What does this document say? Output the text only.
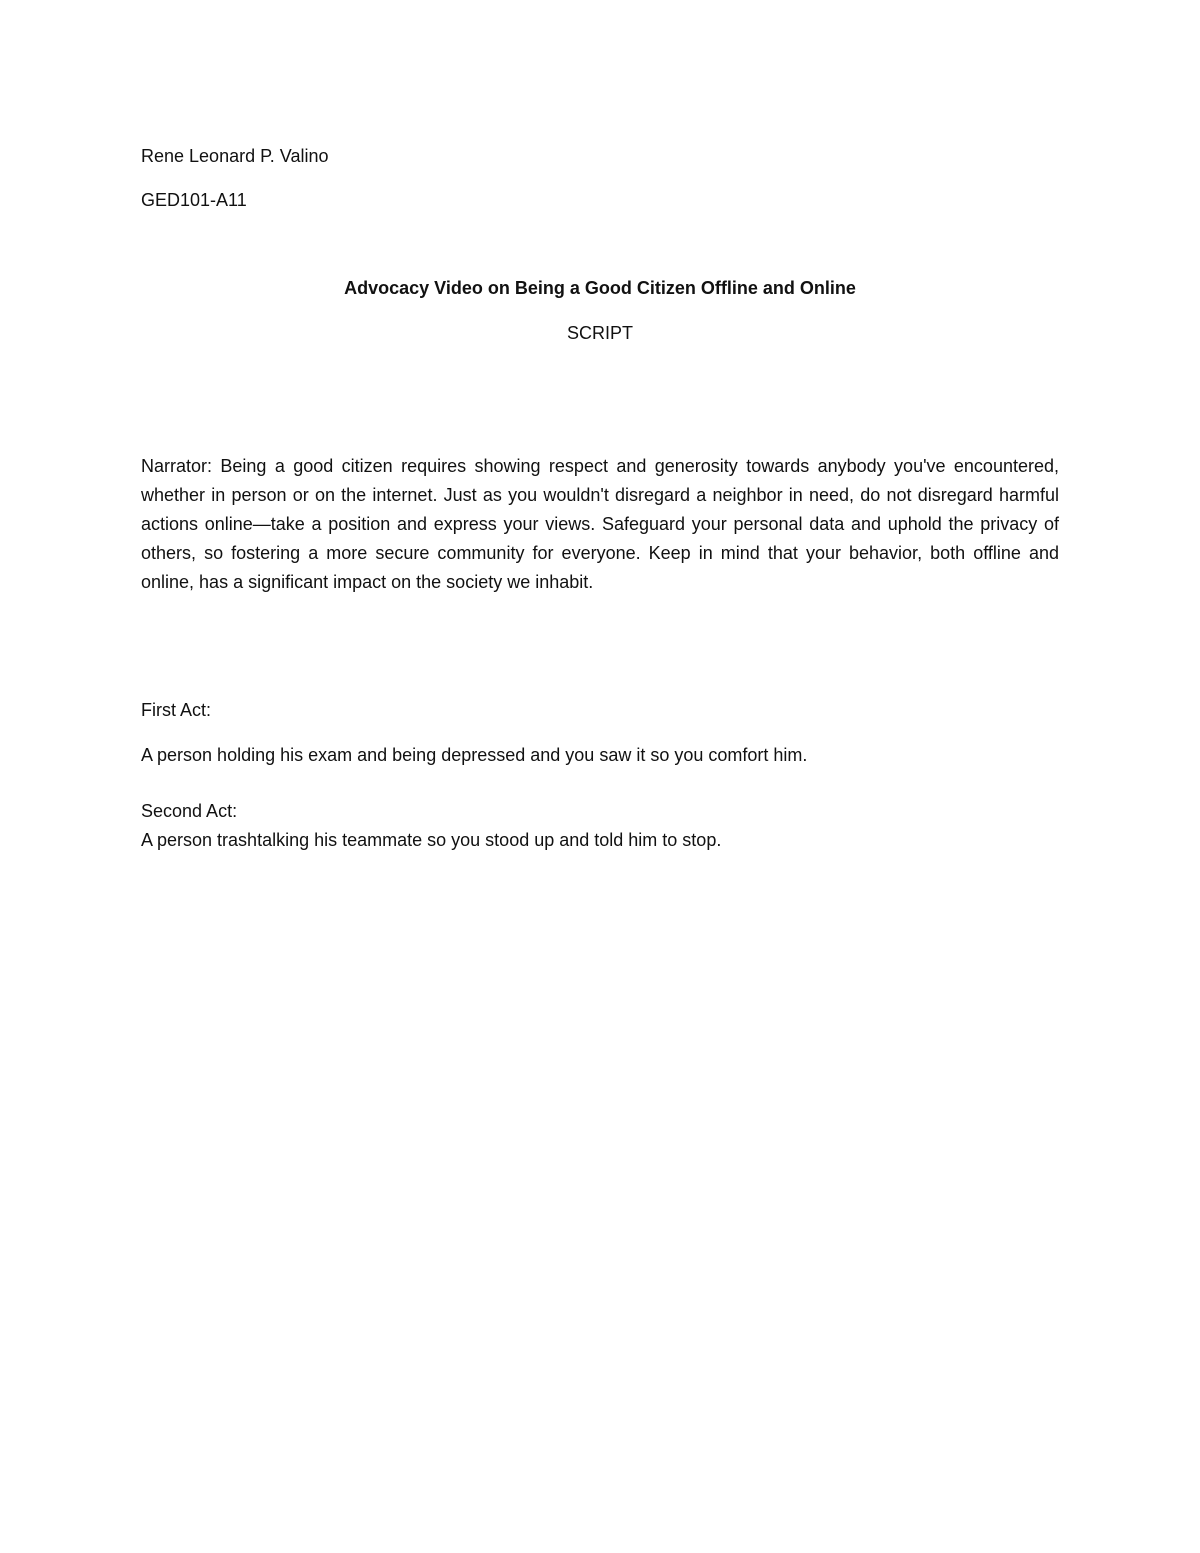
Rene Leonard P. Valino
GED101-A11
Advocacy Video on Being a Good Citizen Offline and Online
SCRIPT
Narrator: Being a good citizen requires showing respect and generosity towards anybody you've encountered, whether in person or on the internet. Just as you wouldn't disregard a neighbor in need, do not disregard harmful actions online—take a position and express your views. Safeguard your personal data and uphold the privacy of others, so fostering a more secure community for everyone. Keep in mind that your behavior, both offline and online, has a significant impact on the society we inhabit.
First Act:
A person holding his exam and being depressed and you saw it so you comfort him.
Second Act:
A person trashtalking his teammate so you stood up and told him to stop.
